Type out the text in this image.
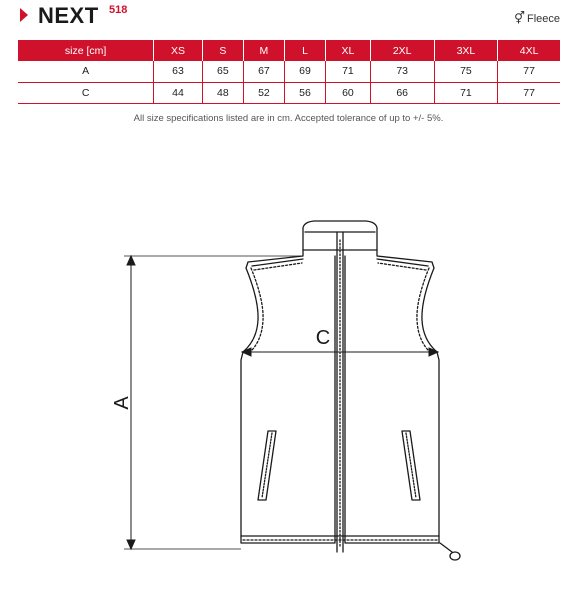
NEXT 518
⚥ Fleece
size [cm]	XS	S	M	L	XL	2XL	3XL	4XL
A	63	65	67	69	71	73	75	77
C	44	48	52	56	60	66	71	77
All size specifications listed are in cm. Accepted tolerance of up to +/- 5%.
A
C
